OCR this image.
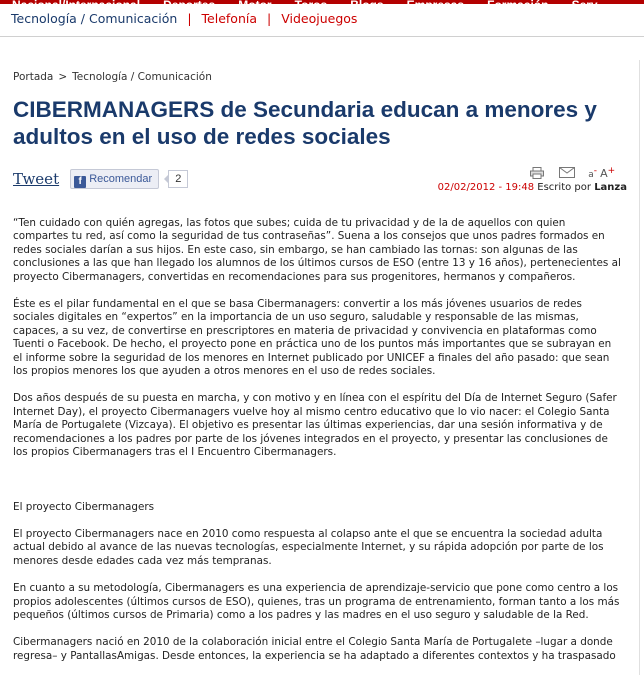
Nacional/Internacional Deportes Motor Toros Blogs Empresas Formación Serv
Tecnología / Comunicación | Telefonía | Videojuegos
Portada > Tecnología / Comunicación
CIBERMANAGERS de Secundaria educan a menores y adultos en el uso de redes sociales
Tweet f Recomendar 2	a- A+
02/02/2012 - 19:48 Escrito por Lanza

“Ten cuidado con quién agregas, las fotos que subes; cuida de tu privacidad y de la de aquellos con quien compartes tu red, así como la seguridad de tus contraseñas”. Suena a los consejos que unos padres formados en redes sociales darían a sus hijos. En este caso, sin embargo, se han cambiado las tornas: son algunas de las conclusiones a las que han llegado los alumnos de los últimos cursos de ESO (entre 13 y 16 años), pertenecientes al proyecto Cibermanagers, convertidas en recomendaciones para sus progenitores, hermanos y compañeros.

Éste es el pilar fundamental en el que se basa Cibermanagers: convertir a los más jóvenes usuarios de redes sociales digitales en “expertos” en la importancia de un uso seguro, saludable y responsable de las mismas, capaces, a su vez, de convertirse en prescriptores en materia de privacidad y convivencia en plataformas como Tuenti o Facebook. De hecho, el proyecto pone en práctica uno de los puntos más importantes que se subrayan en el informe sobre la seguridad de los menores en Internet publicado por UNICEF a finales del año pasado: que sean los propios menores los que ayuden a otros menores en el uso de redes sociales.

Dos años después de su puesta en marcha, y con motivo y en línea con el espíritu del Día de Internet Seguro (Safer Internet Day), el proyecto Cibermanagers vuelve hoy al mismo centro educativo que lo vio nacer: el Colegio Santa María de Portugalete (Vizcaya). El objetivo es presentar las últimas experiencias, dar una sesión informativa y de recomendaciones a los padres por parte de los jóvenes integrados en el proyecto, y presentar las conclusiones de los propios Cibermanagers tras el I Encuentro Cibermanagers.

El proyecto Cibermanagers

El proyecto Cibermanagers nace en 2010 como respuesta al colapso ante el que se encuentra la sociedad adulta actual debido al avance de las nuevas tecnologías, especialmente Internet, y su rápida adopción por parte de los menores desde edades cada vez más tempranas.

En cuanto a su metodología, Cibermanagers es una experiencia de aprendizaje-servicio que pone como centro a los propios adolescentes (últimos cursos de ESO), quienes, tras un programa de entrenamiento, forman tanto a los más pequeños (últimos cursos de Primaria) como a los padres y las madres en el uso seguro y saludable de la Red.

Cibermanagers nació en 2010 de la colaboración inicial entre el Colegio Santa María de Portugalete –lugar a donde regresa– y PantallasAmigas. Desde entonces, la experiencia se ha adaptado a diferentes contextos y ha traspasado
